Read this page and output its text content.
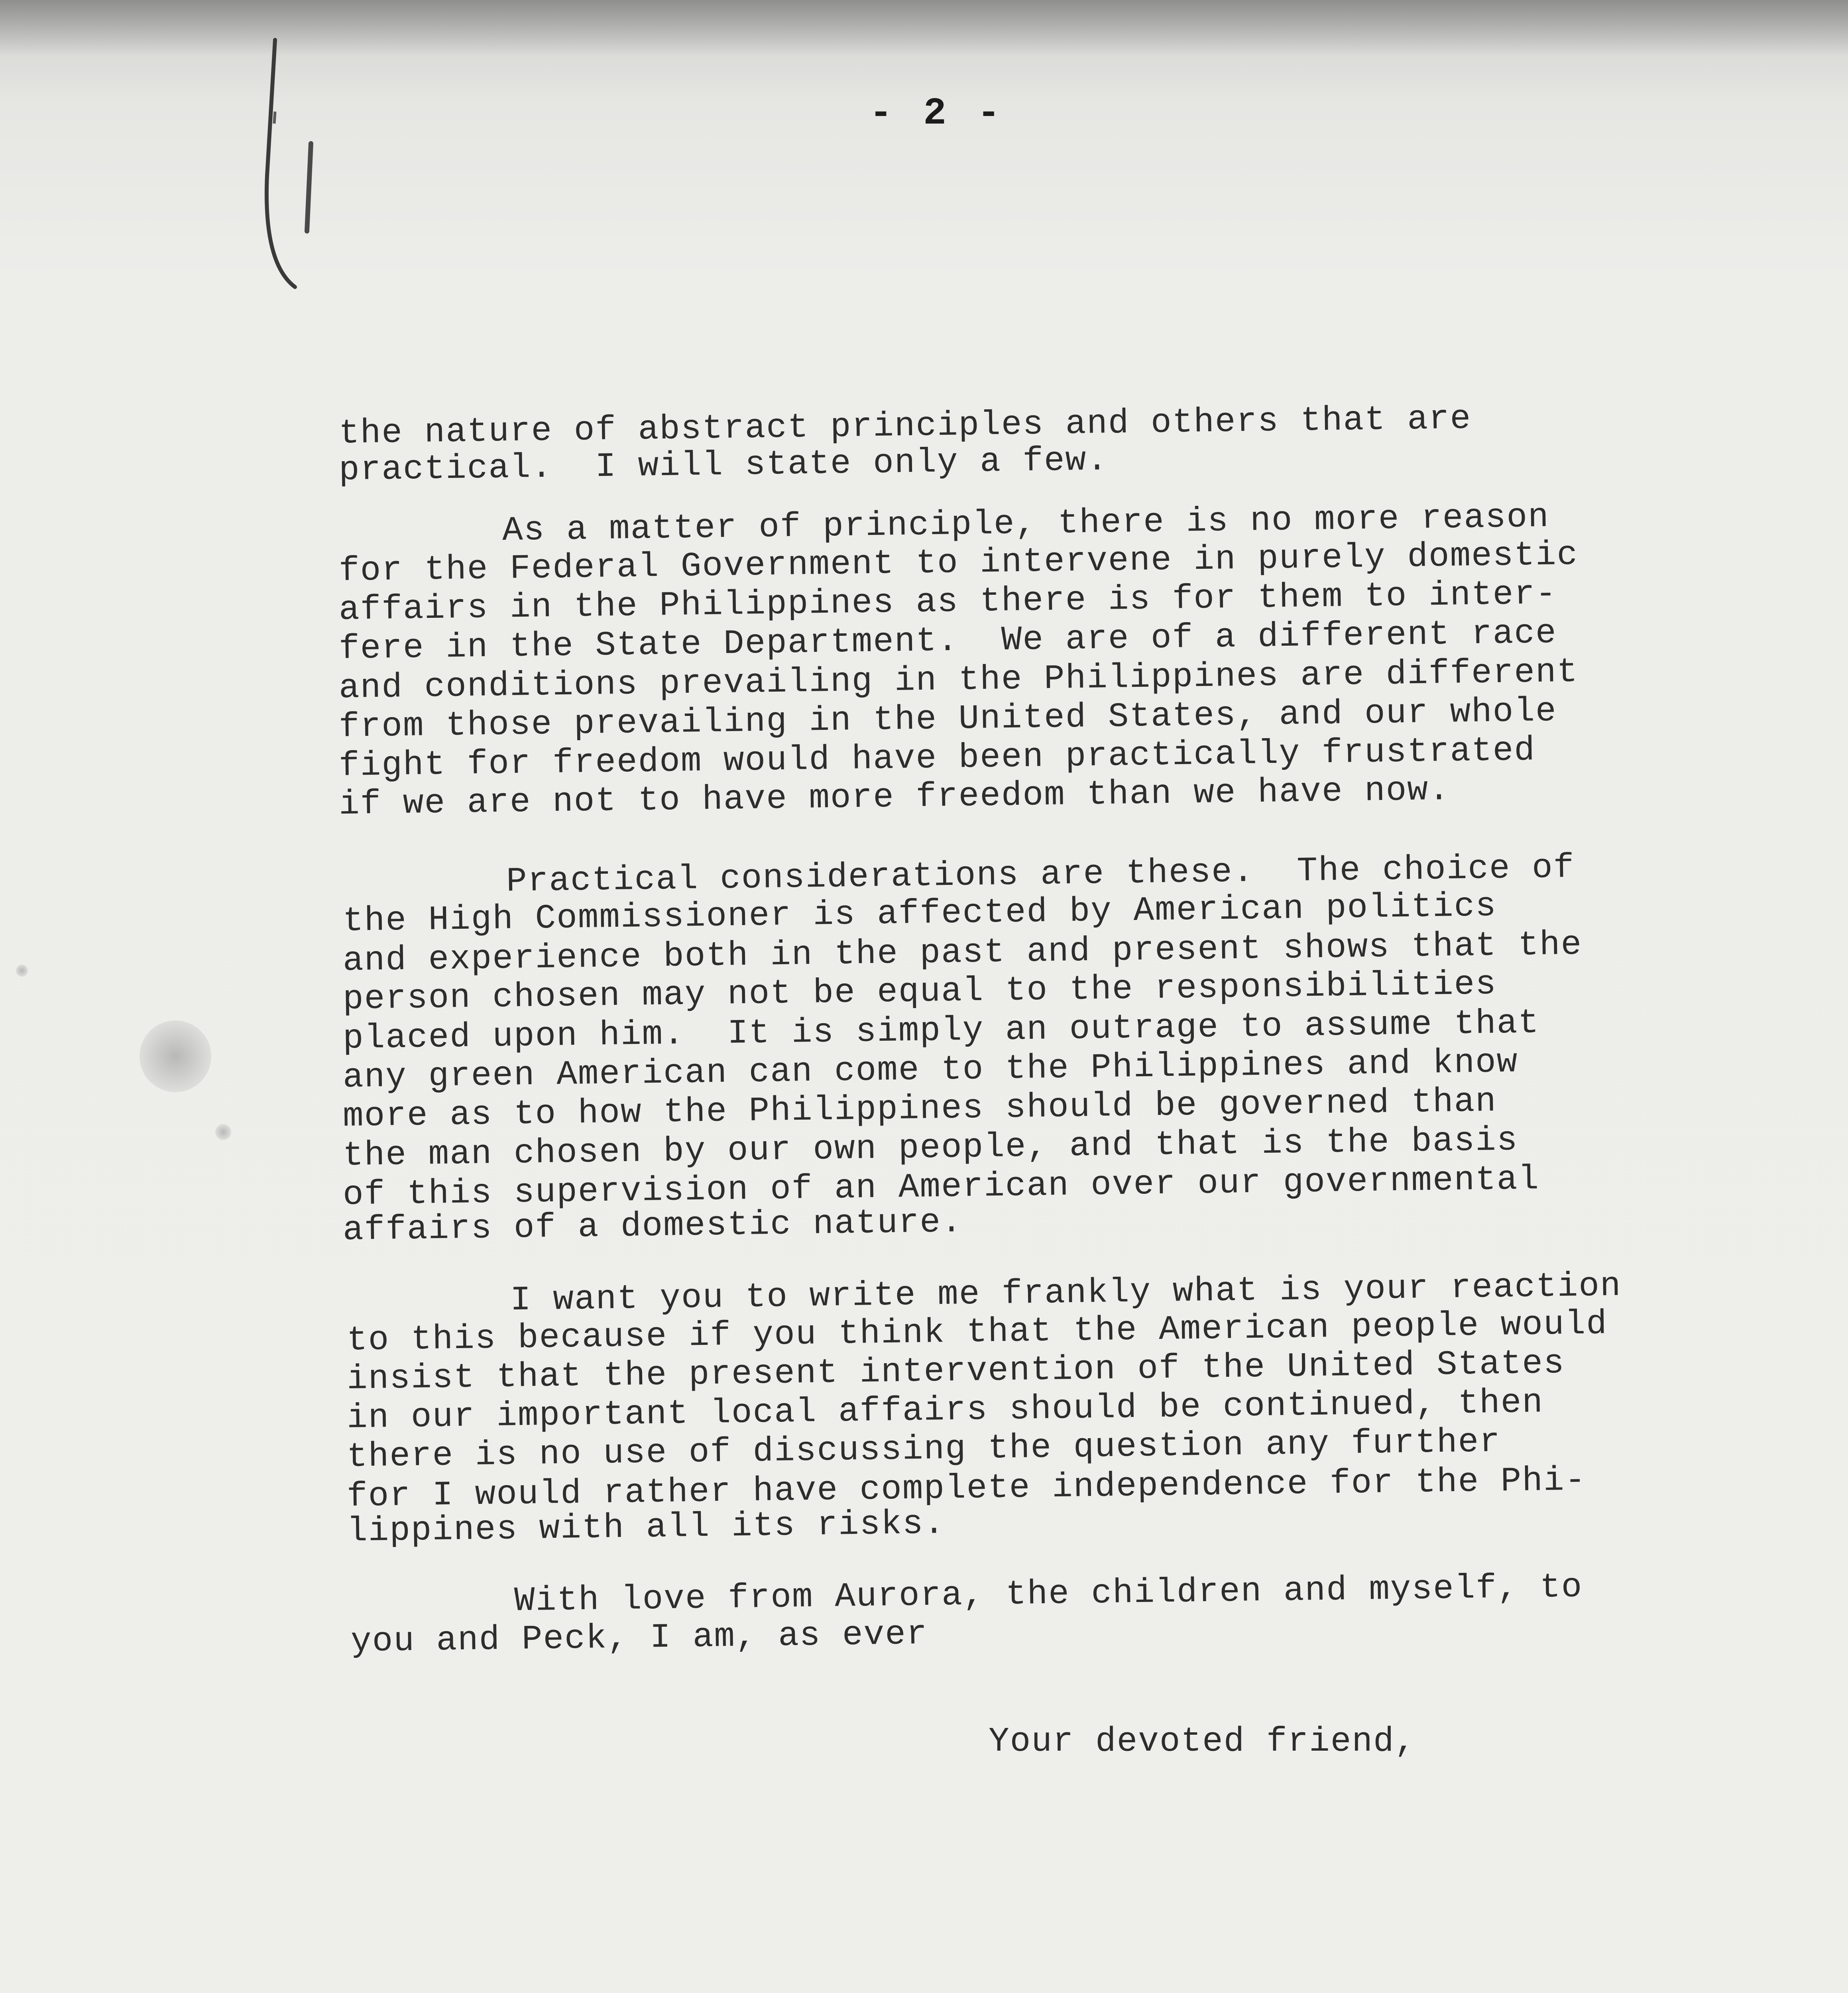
- 2 -
the nature of abstract principles and others that are
practical.  I will state only a few.
As a matter of principle, there is no more reason
for the Federal Government to intervene in purely domestic
affairs in the Philippines as there is for them to inter-
fere in the State Department.  We are of a different race
and conditions prevailing in the Philippines are different
from those prevailing in the United States, and our whole
fight for freedom would have been practically frustrated
if we are not to have more freedom than we have now.
Practical considerations are these.  The choice of
the High Commissioner is affected by American politics
and experience both in the past and present shows that the
person chosen may not be equal to the responsibilities
placed upon him.  It is simply an outrage to assume that
any green American can come to the Philippines and know
more as to how the Philippines should be governed than
the man chosen by our own people, and that is the basis
of this supervision of an American over our governmental
affairs of a domestic nature.
I want you to write me frankly what is your reaction
to this because if you think that the American people would
insist that the present intervention of the United States
in our important local affairs should be continued, then
there is no use of discussing the question any further
for I would rather have complete independence for the Phi-
lippines with all its risks.
With love from Aurora, the children and myself, to
you and Peck, I am, as ever
Your devoted friend,
